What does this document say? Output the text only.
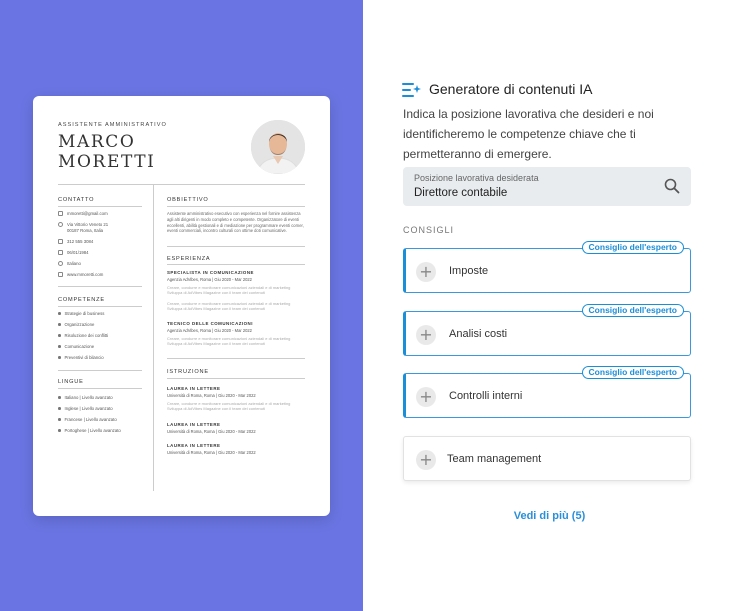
ASSISTENTE AMMINISTRATIVO
MARCO
MORETTI
CONTATTO
mmoretti@gmail.com
Via Vittorio Veneto 21
00187 Roma, Italia
312 555 3084
06/01/1984
Italiano
www.mmoretti.com
COMPETENZE
Strategie di business
Organizzazione
Risoluzione dei conflitti
Comunicazione
Preventivi di bilancio
LINGUE
Italiano | Livello avanzato
Inglese | Livello avanzato
Francese | Livello avanzato
Portoghese | Livello avanzato
OBBIETTIVO
Assistente amministrativo esecutivo con esperienza nel fornire assistenza agli alti dirigenti in modo completo e competente. Organizzatore di eventi eccellenti, abilità gestionali e di mediazione per programmare eventi corner, eventi commerciali, incontro culturali con ottime doti comunicative.
ESPERIENZA
SPECIALISTA IN COMUNICAZIONE
Agenzia AdVibes, Roma | Giu 2020 - Mar 2022
Creare, condurre e monitorare comunicazioni aziendali e di marketing
Sviluppa di AdVibes Magazine con il team dei contenuti
Creare, condurre e monitorare comunicazioni aziendali e di marketing
Sviluppa di AdVibes Magazine con il team dei contenuti
TECNICO DELLE COMUNICAZIONI
Agenzia AdVibes, Roma | Giu 2020 - Mar 2022
Creare, condurre e monitorare comunicazioni aziendali e di marketing
Sviluppa di AdVibes Magazine con il team dei contenuti
ISTRUZIONE
LAUREA IN LETTERE
Università di Roma, Roma | Giu 2020 - Mar 2022
Creare, condurre e monitorare comunicazioni aziendali e di marketing
Sviluppa di AdVibes Magazine con il team dei contenuti
LAUREA IN LETTERE
Università di Roma, Roma | Giu 2020 - Mar 2022
LAUREA IN LETTERE
Università di Roma, Roma | Giu 2020 - Mar 2022
Generatore di contenuti IA
Indica la posizione lavorativa che desideri e noi identificheremo le competenze chiave che ti permetteranno di emergere.
Posizione lavorativa desiderata
Direttore contabile
CONSIGLI
Consiglio dell'esperto
+ Imposte
Consiglio dell'esperto
+ Analisi costi
Consiglio dell'esperto
+ Controlli interni
+ Team management
Vedi di più (5)
